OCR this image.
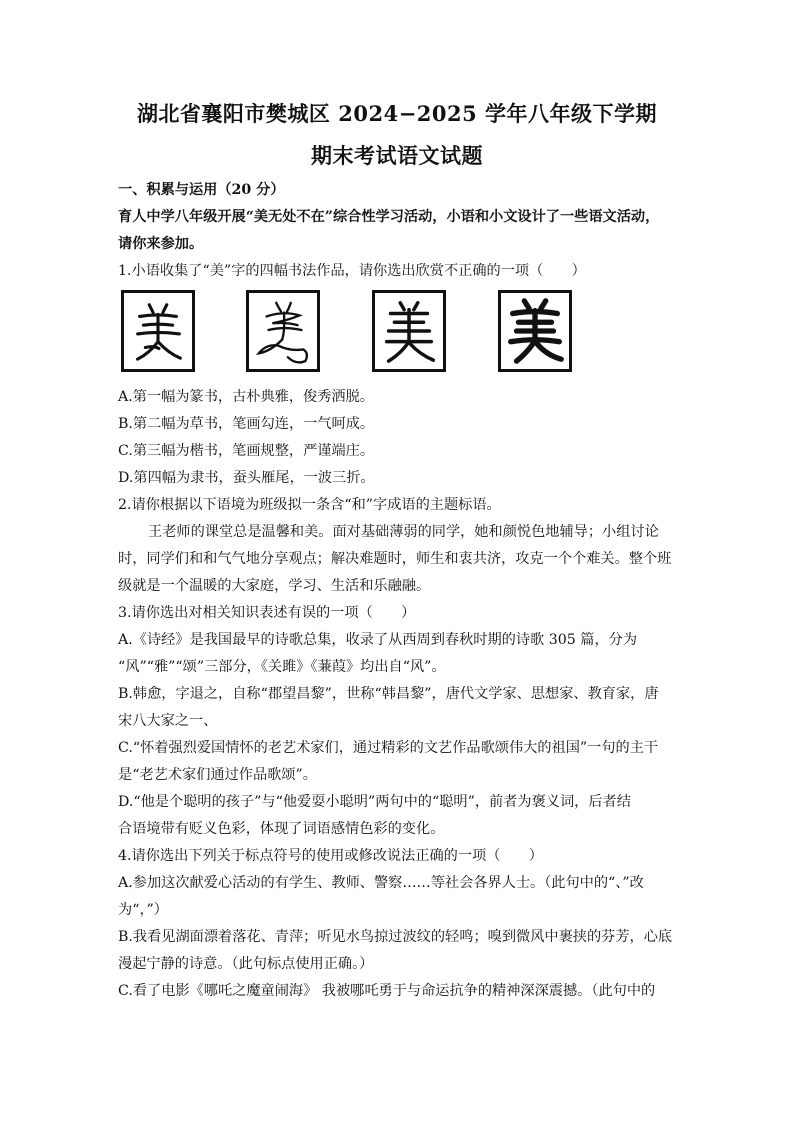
湖北省襄阳市樊城区 2024−2025 学年八年级下学期
期末考试语文试题
一、积累与运用（20 分）
育人中学八年级开展“美无处不在”综合性学习活动，小语和小文设计了一些语文活动，
请你来参加。
1.小语收集了“美”字的四幅书法作品，请你选出欣赏不正确的一项（　　）
A.第一幅为篆书，古朴典雅，俊秀洒脱。
B.第二幅为草书，笔画勾连，一气呵成。
C.第三幅为楷书，笔画规整，严谨端庄。
D.第四幅为隶书，蚕头雁尾，一波三折。
2.请你根据以下语境为班级拟一条含“和”字成语的主题标语。
王老师的课堂总是温馨和美。面对基础薄弱的同学，她和颜悦色地辅导；小组讨论
时，同学们和和气气地分享观点；解决难题时，师生和衷共济，攻克一个个难关。整个班
级就是一个温暖的大家庭，学习、生活和乐融融。
3.请你选出对相关知识表述有误的一项（　　）
A.《诗经》是我国最早的诗歌总集，收录了从西周到春秋时期的诗歌 305 篇，分为
“风”“雅”“颂”三部分，《关雎》《蒹葭》均出自“风”。
B.韩愈，字退之，自称“郡望昌黎”，世称“韩昌黎”，唐代文学家、思想家、教育家，唐
宋八大家之一、
C.“怀着强烈爱国情怀的老艺术家们，通过精彩的文艺作品歌颂伟大的祖国”一句的主干
是“老艺术家们通过作品歌颂”。
D.“他是个聪明的孩子”与“他爱耍小聪明”两句中的“聪明”，前者为褒义词，后者结
合语境带有贬义色彩，体现了词语感情色彩的变化。
4.请你选出下列关于标点符号的使用或修改说法正确的一项（　　）
A.参加这次献爱心活动的有学生、教师、警察……等社会各界人士。（此句中的“、”改
为“，”）
B.我看见湖面漂着落花、青萍；听见水鸟掠过波纹的轻鸣；嗅到微风中裹挟的芬芳，心底
漫起宁静的诗意。（此句标点使用正确。）
C.看了电影《哪吒之魔童闹海》 我被哪吒勇于与命运抗争的精神深深震撼。（此句中的
